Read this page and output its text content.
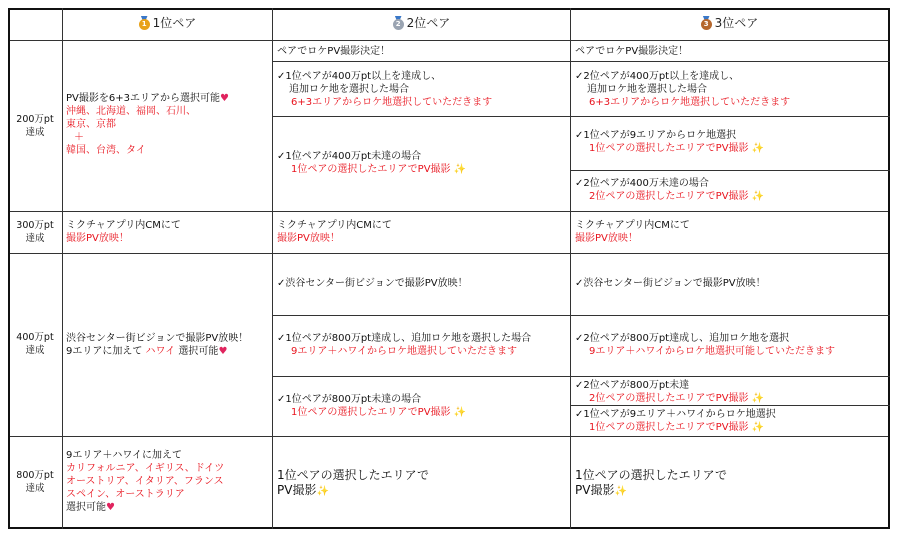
1 1位ペア	2 2位ペア	3 3位ペア
200万pt
達成
300万pt
達成
400万pt
達成
800万pt
達成
PV撮影を6+3エリアから選択可能♥
沖縄、北海道、福岡、石川、
東京、京都
＋
韓国、台湾、タイ
ペアでロケPV撮影決定！
✓1位ペアが400万pt以上を達成し、
追加ロケ地を選択した場合
6+3エリアからロケ地選択していただきます
✓1位ペアが400万pt未達の場合
1位ペアの選択したエリアでPV撮影 ✨
ペアでロケPV撮影決定！
✓2位ペアが400万pt以上を達成し、
追加ロケ地を選択した場合
6+3エリアからロケ地選択していただきます
✓1位ペアが9エリアからロケ地選択
1位ペアの選択したエリアでPV撮影 ✨
✓2位ペアが400万未達の場合
2位ペアの選択したエリアでPV撮影 ✨
ミクチャアプリ内CMにて
撮影PV放映！
ミクチャアプリ内CMにて
撮影PV放映！
ミクチャアプリ内CMにて
撮影PV放映！
渋谷センター街ビジョンで撮影PV放映！
9エリアに加えて ハワイ 選択可能♥
✓渋谷センター街ビジョンで撮影PV放映！
✓1位ペアが800万pt達成し、追加ロケ地を選択した場合
9エリア＋ハワイからロケ地選択していただきます
✓1位ペアが800万pt未達の場合
1位ペアの選択したエリアでPV撮影 ✨
✓渋谷センター街ビジョンで撮影PV放映！
✓2位ペアが800万pt達成し、追加ロケ地を選択
9エリア＋ハワイからロケ地選択可能していただきます
✓2位ペアが800万pt未達
2位ペアの選択したエリアでPV撮影 ✨
✓1位ペアが9エリア＋ハワイからロケ地選択
1位ペアの選択したエリアでPV撮影 ✨
9エリア＋ハワイに加えて
カリフォルニア、イギリス、ドイツ
オーストリア、イタリア、フランス
スペイン、オーストラリア
選択可能♥
1位ペアの選択したエリアで
PV撮影✨
1位ペアの選択したエリアで
PV撮影✨
